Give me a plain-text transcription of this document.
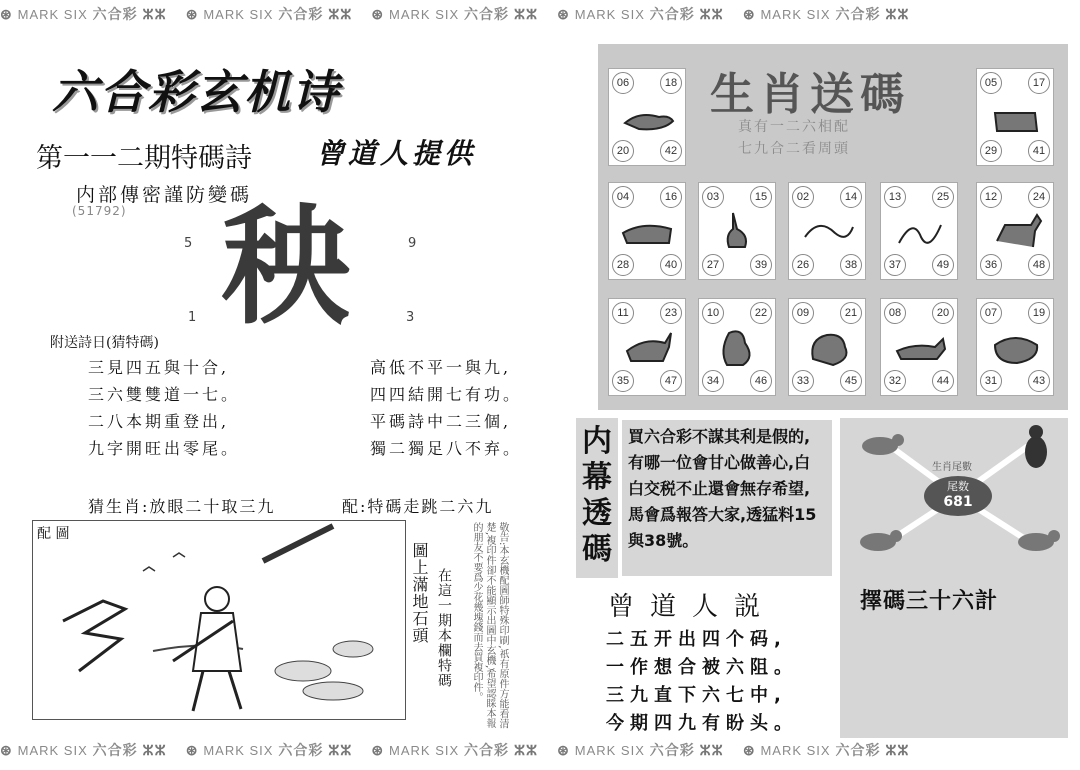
⊛ MARK SIX 六合彩 ⵣⵣ ⊛ MARK SIX 六合彩 ⵣⵣ ⊛ MARK SIX 六合彩 ⵣⵣ ⊛ MARK SIX 六合彩 ⵣⵣ ⊛ MARK SIX 六合彩 ⵣⵣ
六合彩玄机诗
第一一二期特碼詩 曾道人提供
内部傳密謹防變碼
(51792)
5	9
1	3
秧
附送詩日(猜特碼)
三見四五與十合,
三六雙雙道一七。
二八本期重登出,
九字開旺出零尾。
高低不平一與九,
四四結開七有功。
平碼詩中二三個,
獨二獨足八不弃。
猜生肖:放眼二十取三九	配:特碼走跳二六九
配 圖
圖上滿地石頭 在這一期本欄特碼	敬告:本玄機配圖師特殊印刷,祇有原件方能看清楚,複印件卻不能顯示出圖中玄機,希望認睬本報的朋友不要爲少花幾塊錢而去買複印件。
生肖送碼
真有一二六相配
七九合二看周頭
06	18
20	42
05	17
29	41
04	16
28	40
03	15
27	39
02	14
26	38
13	25
37	49
12	24
36	48
11	23
35	47
10	22
34	46
09	21
33	45
08	20
32	44
07	19
31	43
内幕透碼
買六合彩不謀其利是假的,有哪一位會甘心做善心,白白交税不止還會無存希望,馬會爲報答大家,透猛料15與38號。
曾道人説
二五开出四个码,
一作想合被六阻。
三九直下六七中,
今期四九有盼头。
尾数
681
生肖尾數
擇碼三十六計
⊛ MARK SIX 六合彩 ⵣⵣ ⊛ MARK SIX 六合彩 ⵣⵣ ⊛ MARK SIX 六合彩 ⵣⵣ ⊛ MARK SIX 六合彩 ⵣⵣ ⊛ MARK SIX 六合彩 ⵣⵣ
